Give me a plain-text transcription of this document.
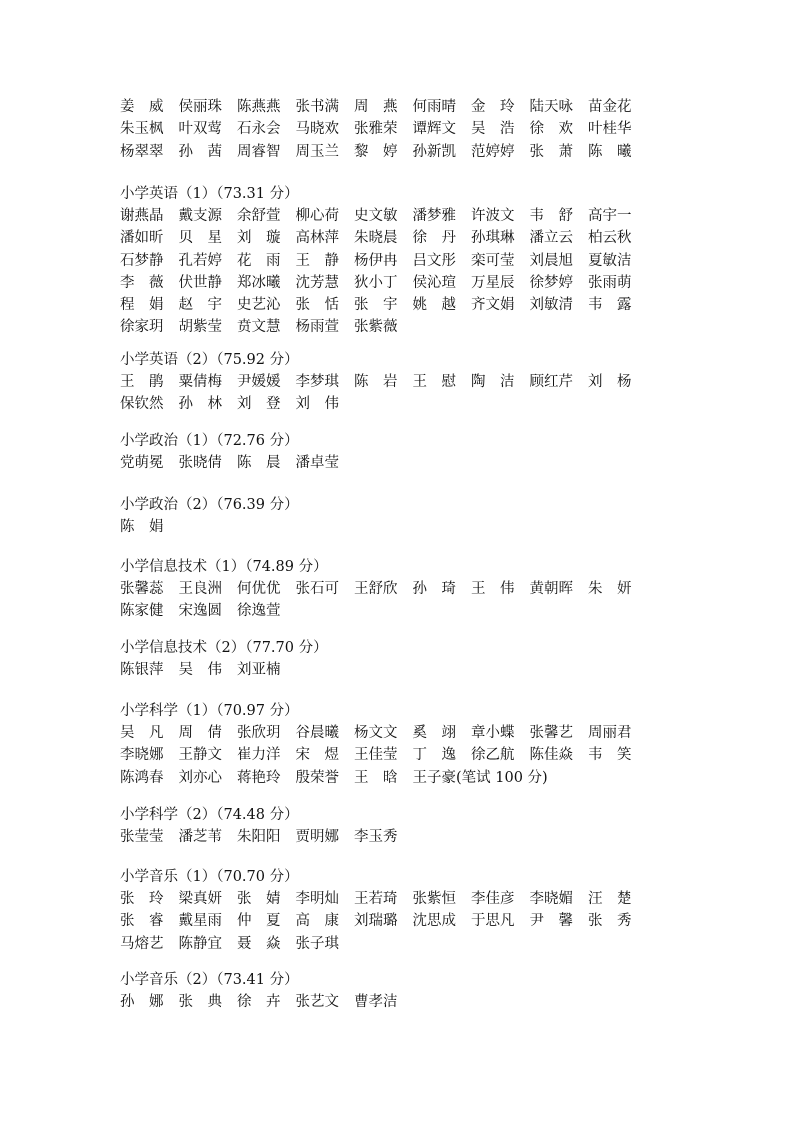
姜　威 侯丽珠 陈燕燕 张书满 周　燕 何雨晴 金　玲 陆天咏 苗金花
朱玉枫 叶双莺 石永会 马晓欢 张雅荣 谭辉文 吴　浩 徐　欢 叶桂华
杨翠翠 孙　茜 周睿智 周玉兰 黎　婷 孙新凯 范婷婷 张　萧 陈　曦
小学英语（1）（73.31 分）
谢燕晶 戴支源 余舒萱 柳心荷 史文敏 潘梦雅 许波文 韦　舒 高宇一
潘如昕 贝　星 刘　璇 高林萍 朱晓晨 徐　丹 孙琪琳 潘立云 柏云秋
石梦静 孔若婷 花　雨 王　静 杨伊冉 吕文彤 栾可莹 刘晨旭 夏敏洁
李　薇 伏世静 郑冰曦 沈芳慧 狄小丁 侯沁瑄 万星辰 徐梦婷 张雨萌
程　娟 赵　宇 史艺沁 张　恬 张　宇 姚　越 齐文娟 刘敏清 韦　露
徐家玥 胡紫莹 贲文慧 杨雨萱 张紫薇
小学英语（2）（75.92 分）
王　鹃 粟倩梅 尹媛媛 李梦琪 陈　岩 王　慰 陶　洁 顾红芹 刘　杨
保钦然 孙　林 刘　登 刘　伟
小学政治（1）（72.76 分）
党萌冕 张晓倩 陈　晨 潘卓莹
小学政治（2）（76.39 分）
陈　娟
小学信息技术（1）（74.89 分）
张馨蕊 王良洲 何优优 张石可 王舒欣 孙　琦 王　伟 黄朝晖 朱　妍
陈家健 宋逸圆 徐逸萱
小学信息技术（2）（77.70 分）
陈银萍 吴　伟 刘亚楠
小学科学（1）（70.97 分）
吴　凡 周　倩 张欣玥 谷晨曦 杨文文 奚　翊 章小蝶 张馨艺 周丽君
李晓娜 王静文 崔力洋 宋　煜 王佳莹 丁　逸 徐乙航 陈佳焱 韦　笑
陈鸿春 刘亦心 蒋艳玲 殷荣誉 王　晗 王子豪(笔试 100 分)
小学科学（2）（74.48 分）
张莹莹 潘芝苇 朱阳阳 贾明娜 李玉秀
小学音乐（1）（70.70 分）
张　玲 梁真妍 张　婧 李明灿 王若琦 张紫恒 李佳彦 李晓媚 汪　楚
张　睿 戴星雨 仲　夏 高　康 刘瑞璐 沈思成 于思凡 尹　馨 张　秀
马熔艺 陈静宜 聂　焱 张子琪
小学音乐（2）（73.41 分）
孙　娜 张　典 徐　卉 张艺文 曹孝洁
